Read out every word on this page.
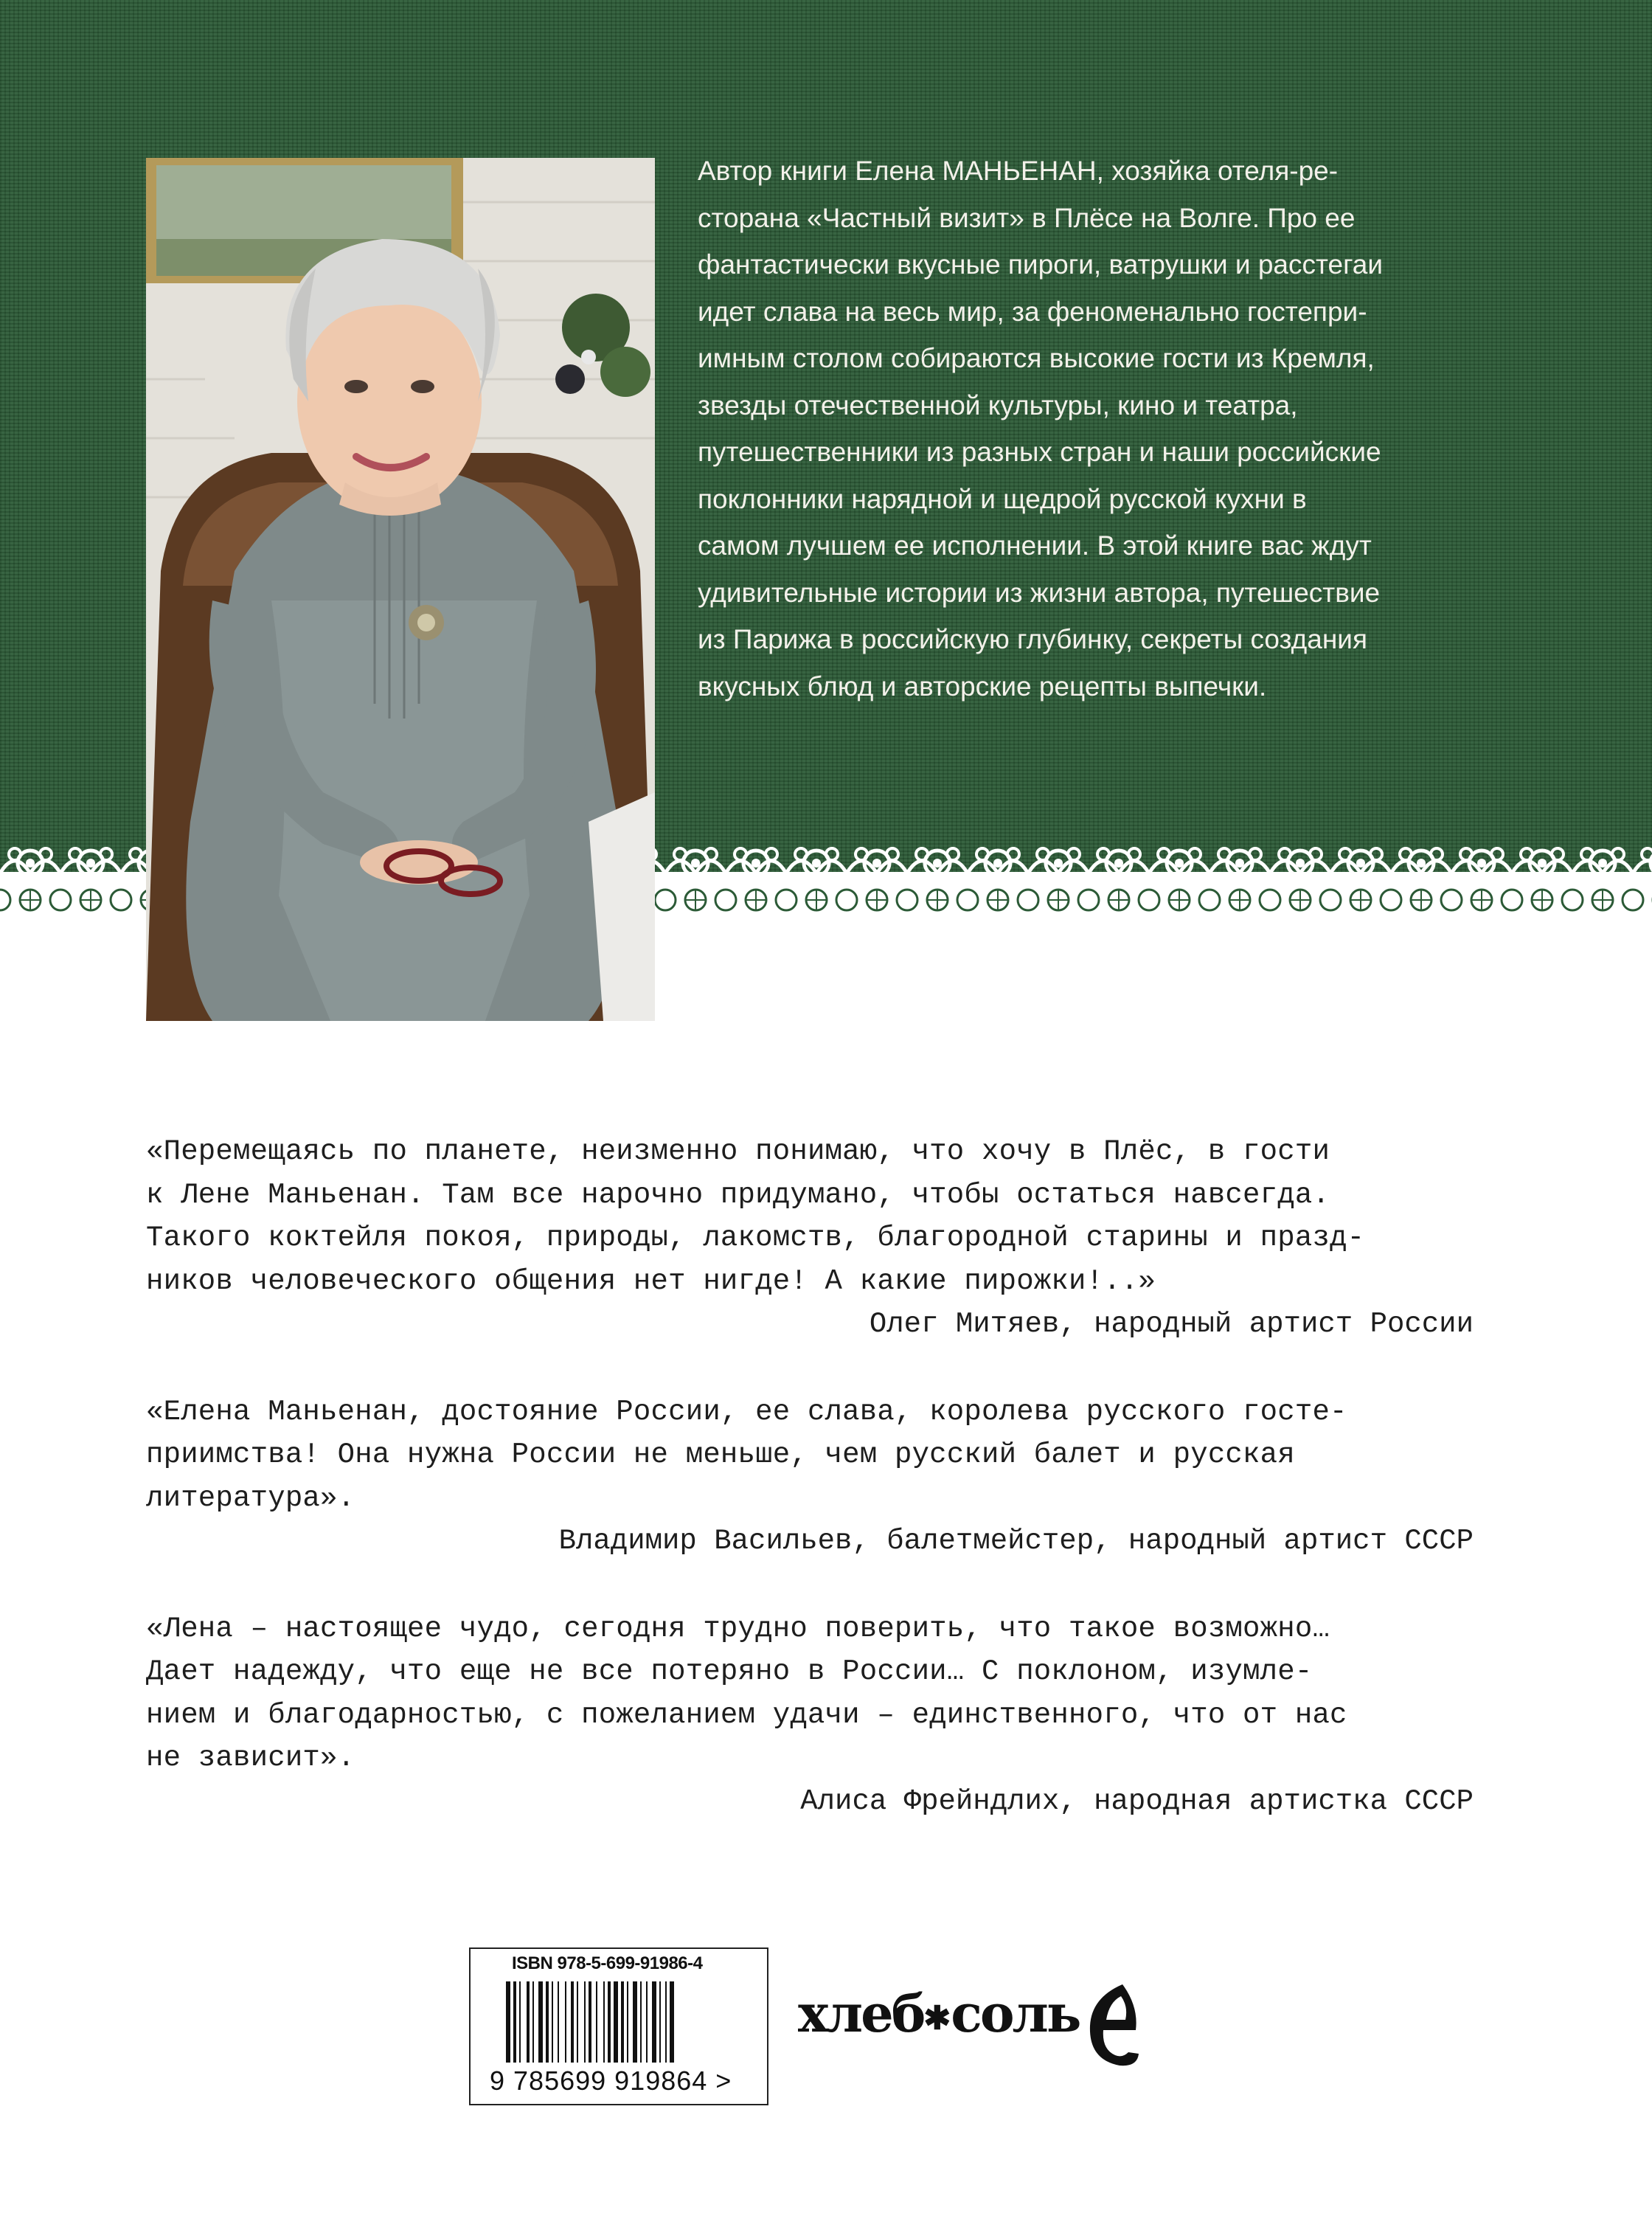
Автор книги Елена МАНЬЕНАН, хозяйка отеля-ре-
сторана «Частный визит» в Плёсе на Волге. Про ее
фантастически вкусные пироги, ватрушки и расстегаи
идет слава на весь мир, за феноменально гостепри-
имным столом собираются высокие гости из Кремля,
звезды отечественной культуры, кино и театра,
путешественники из разных стран и наши российские
поклонники нарядной и щедрой русской кухни в
самом лучшем ее исполнении. В этой книге вас ждут
удивительные истории из жизни автора, путешествие
из Парижа в российскую глубинку, секреты создания
вкусных блюд и авторские рецепты выпечки.
«Перемещаясь по планете, неизменно понимаю, что хочу в Плёс, в гости
к Лене Маньенан. Там все нарочно придумано, чтобы остаться навсегда.
Такого коктейля покоя, природы, лакомств, благородной старины и празд-
ников человеческого общения нет нигде! А какие пирожки!..»
Олег Митяев, народный артист России
«Елена Маньенан, достояние России, ее слава, королева русского госте-
приимства! Она нужна России не меньше, чем русский балет и русская
литература».
Владимир Васильев, балетмейстер, народный артист СССР
«Лена – настоящее чудо, сегодня трудно поверить, что такое возможно…
Дает надежду, что еще не все потеряно в России… С поклоном, изумле-
нием и благодарностью, с пожеланием удачи – единственного, что от нас
не зависит».
Алиса Фрейндлих, народная артистка СССР
ISBN 978-5-699-91986-4
9 785699 919864 >
хлеб✱соль
